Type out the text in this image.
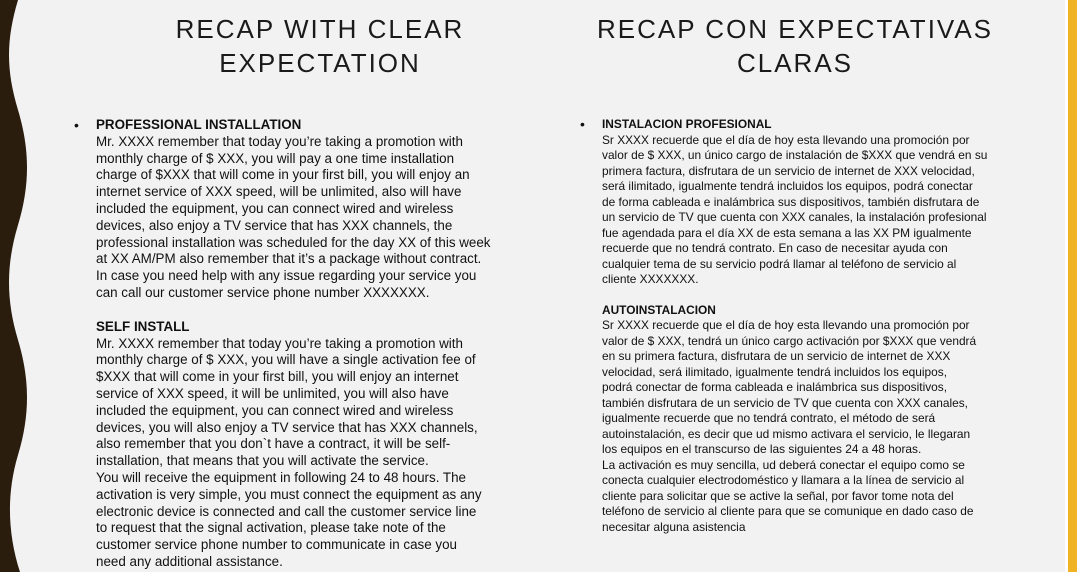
RECAP WITH CLEAR
EXPECTATION
RECAP CON EXPECTATIVAS
CLARAS
• PROFESSIONAL INSTALLATION
Mr. XXXX remember that today you’re taking a promotion with
monthly charge of $ XXX, you will pay a one time installation
charge of $XXX that will come in your first bill, you will enjoy an
internet service of XXX speed, will be unlimited, also will have
included the equipment, you can connect wired and wireless
devices, also enjoy a TV service that has XXX channels, the
professional installation was scheduled for the day XX of this week
at XX AM/PM also remember that it’s a package without contract.
In case you need help with any issue regarding your service you
can call our customer service phone number XXXXXXX.
SELF INSTALL
Mr. XXXX remember that today you’re taking a promotion with
monthly charge of $ XXX, you will have a single activation fee of
$XXX that will come in your first bill, you will enjoy an internet
service of XXX speed, it will be unlimited, you will also have
included the equipment, you can connect wired and wireless
devices, you will also enjoy a TV service that has XXX channels,
also remember that you don`t have a contract, it will be self-
installation, that means that you will activate the service.
You will receive the equipment in following 24 to 48 hours. The
activation is very simple, you must connect the equipment as any
electronic device is connected and call the customer service line
to request that the signal activation, please take note of the
customer service phone number to communicate in case you
need any additional assistance.
• INSTALACION PROFESIONAL
Sr XXXX recuerde que el día de hoy esta llevando una promoción por
valor de $ XXX, un único cargo de instalación de $XXX que vendrá en su
primera factura, disfrutara de un servicio de internet de XXX velocidad,
será ilimitado, igualmente tendrá incluidos los equipos, podrá conectar
de forma cableada e inalámbrica sus dispositivos, también disfrutara de
un servicio de TV que cuenta con XXX canales, la instalación profesional
fue agendada para el día XX de esta semana a las XX PM igualmente
recuerde que no tendrá contrato. En caso de necesitar ayuda con
cualquier tema de su servicio podrá llamar al teléfono de servicio al
cliente XXXXXXX.
AUTOINSTALACION
Sr XXXX recuerde que el día de hoy esta llevando una promoción por
valor de $ XXX, tendrá un único cargo activación por $XXX que vendrá
en su primera factura, disfrutara de un servicio de internet de XXX
velocidad, será ilimitado, igualmente tendrá incluidos los equipos,
podrá conectar de forma cableada e inalámbrica sus dispositivos,
también disfrutara de un servicio de TV que cuenta con XXX canales,
igualmente recuerde que no tendrá contrato, el método de será
autoinstalación, es decir que ud mismo activara el servicio, le llegaran
los equipos en el transcurso de las siguientes 24 a 48 horas.
La activación es muy sencilla, ud deberá conectar el equipo como se
conecta cualquier electrodoméstico y llamara a la línea de servicio al
cliente para solicitar que se active la señal, por favor tome nota del
teléfono de servicio al cliente para que se comunique en dado caso de
necesitar alguna asistencia
